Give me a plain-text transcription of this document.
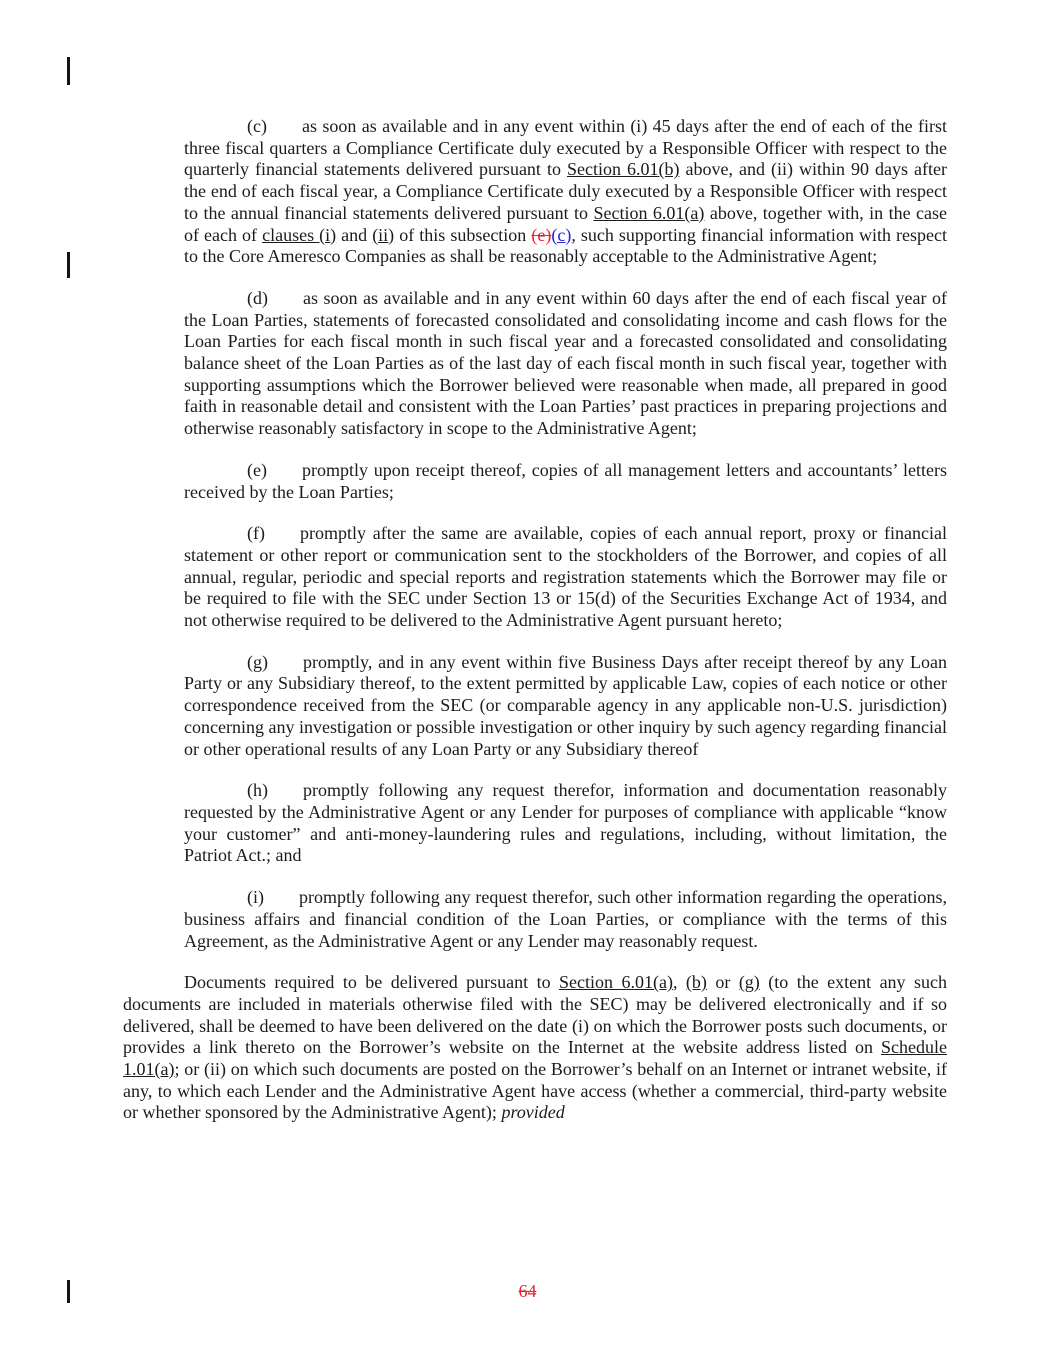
(c) as soon as available and in any event within (i) 45 days after the end of each of the first three fiscal quarters a Compliance Certificate duly executed by a Responsible Officer with respect to the quarterly financial statements delivered pursuant to Section 6.01(b) above, and (ii) within 90 days after the end of each fiscal year, a Compliance Certificate duly executed by a Responsible Officer with respect to the annual financial statements delivered pursuant to Section 6.01(a) above, together with, in the case of each of clauses (i) and (ii) of this subsection (e)(c), such supporting financial information with respect to the Core Ameresco Companies as shall be reasonably acceptable to the Administrative Agent;

(d) as soon as available and in any event within 60 days after the end of each fiscal year of the Loan Parties, statements of forecasted consolidated and consolidating income and cash flows for the Loan Parties for each fiscal month in such fiscal year and a forecasted consolidated and consolidating balance sheet of the Loan Parties as of the last day of each fiscal month in such fiscal year, together with supporting assumptions which the Borrower believed were reasonable when made, all prepared in good faith in reasonable detail and consistent with the Loan Parties’ past practices in preparing projections and otherwise reasonably satisfactory in scope to the Administrative Agent;

(e) promptly upon receipt thereof, copies of all management letters and accountants’ letters received by the Loan Parties;

(f) promptly after the same are available, copies of each annual report, proxy or financial statement or other report or communication sent to the stockholders of the Borrower, and copies of all annual, regular, periodic and special reports and registration statements which the Borrower may file or be required to file with the SEC under Section 13 or 15(d) of the Securities Exchange Act of 1934, and not otherwise required to be delivered to the Administrative Agent pursuant hereto;

(g) promptly, and in any event within five Business Days after receipt thereof by any Loan Party or any Subsidiary thereof, to the extent permitted by applicable Law, copies of each notice or other correspondence received from the SEC (or comparable agency in any applicable non-U.S. jurisdiction) concerning any investigation or possible investigation or other inquiry by such agency regarding financial or other operational results of any Loan Party or any Subsidiary thereof

(h) promptly following any request therefor, information and documentation reasonably requested by the Administrative Agent or any Lender for purposes of compliance with applicable “know your customer” and anti-money-laundering rules and regulations, including, without limitation, the Patriot Act.; and

(i) promptly following any request therefor, such other information regarding the operations, business affairs and financial condition of the Loan Parties, or compliance with the terms of this Agreement, as the Administrative Agent or any Lender may reasonably request.

Documents required to be delivered pursuant to Section 6.01(a), (b) or (g) (to the extent any such documents are included in materials otherwise filed with the SEC) may be delivered electronically and if so delivered, shall be deemed to have been delivered on the date (i) on which the Borrower posts such documents, or provides a link thereto on the Borrower’s website on the Internet at the website address listed on Schedule 1.01(a); or (ii) on which such documents are posted on the Borrower’s behalf on an Internet or intranet website, if any, to which each Lender and the Administrative Agent have access (whether a commercial, third-party website or whether sponsored by the Administrative Agent); provided

64
